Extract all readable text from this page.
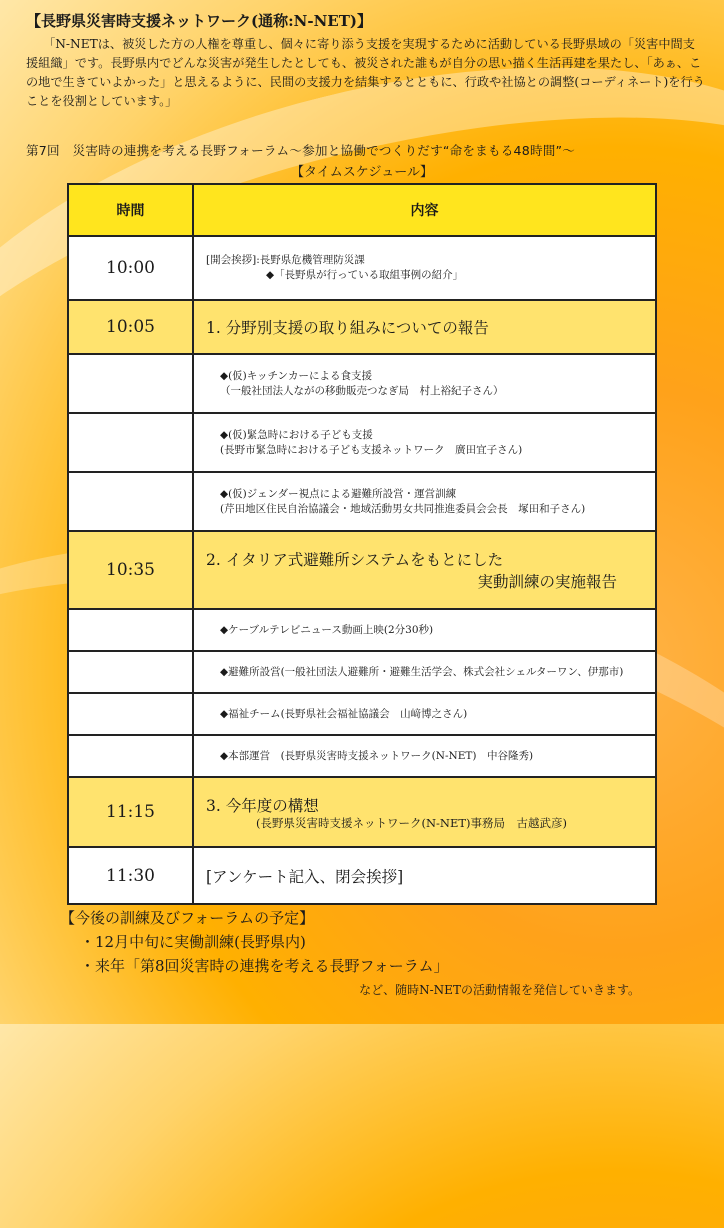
【長野県災害時支援ネットワーク(通称:N-NET)】

「N-NETは、被災した方の人権を尊重し、個々に寄り添う支援を実現するために活動している長野県域の「災害中間支援組織」です。長野県内でどんな災害が発生したとしても、被災された誰もが自分の思い描く生活再建を果たし、「あぁ、この地で生きていよかった」と思えるように、民間の支援力を結集するとともに、行政や社協との調整(コーディネート)を行うことを役割としています。」

第7回　災害時の連携を考える長野フォーラム〜参加と協働でつくりだす“命をまもる48時間”〜
【タイムスケジュール】
時間	内容
10:00	[開会挨拶]:長野県危機管理防災課
◆「長野県が行っている取組事例の紹介」

10:05	1. 分野別支援の取り組みについての報告

	◆(仮)キッチンカーによる食支援
（一般社団法人ながの移動販売つなぎ局　村上裕紀子さん）

	◆(仮)緊急時における子ども支援
(長野市緊急時における子ども支援ネットワーク　廣田宜子さん)

	◆(仮)ジェンダー視点による避難所設営・運営訓練
(芹田地区住民自治協議会・地域活動男女共同推進委員会会長　塚田和子さん)

10:35	2. イタリア式避難所システムをもとにした
実動訓練の実施報告

	◆ケーブルテレビニュース動画上映(2分30秒)

	◆避難所設営(一般社団法人避難所・避難生活学会、株式会社シェルターワン、伊那市)

	◆福祉チーム(長野県社会福祉協議会　山﨑博之さん)

	◆本部運営　(長野県災害時支援ネットワーク(N-NET)　中谷隆秀)

11:15	3. 今年度の構想
(長野県災害時支援ネットワーク(N-NET)事務局　古越武彦)

11:30	[アンケート記入、閉会挨拶]

【今後の訓練及びフォーラムの予定】

・12月中旬に実働訓練(長野県内)

・来年「第8回災害時の連携を考える長野フォーラム」

など、随時N-NETの活動情報を発信していきます。
